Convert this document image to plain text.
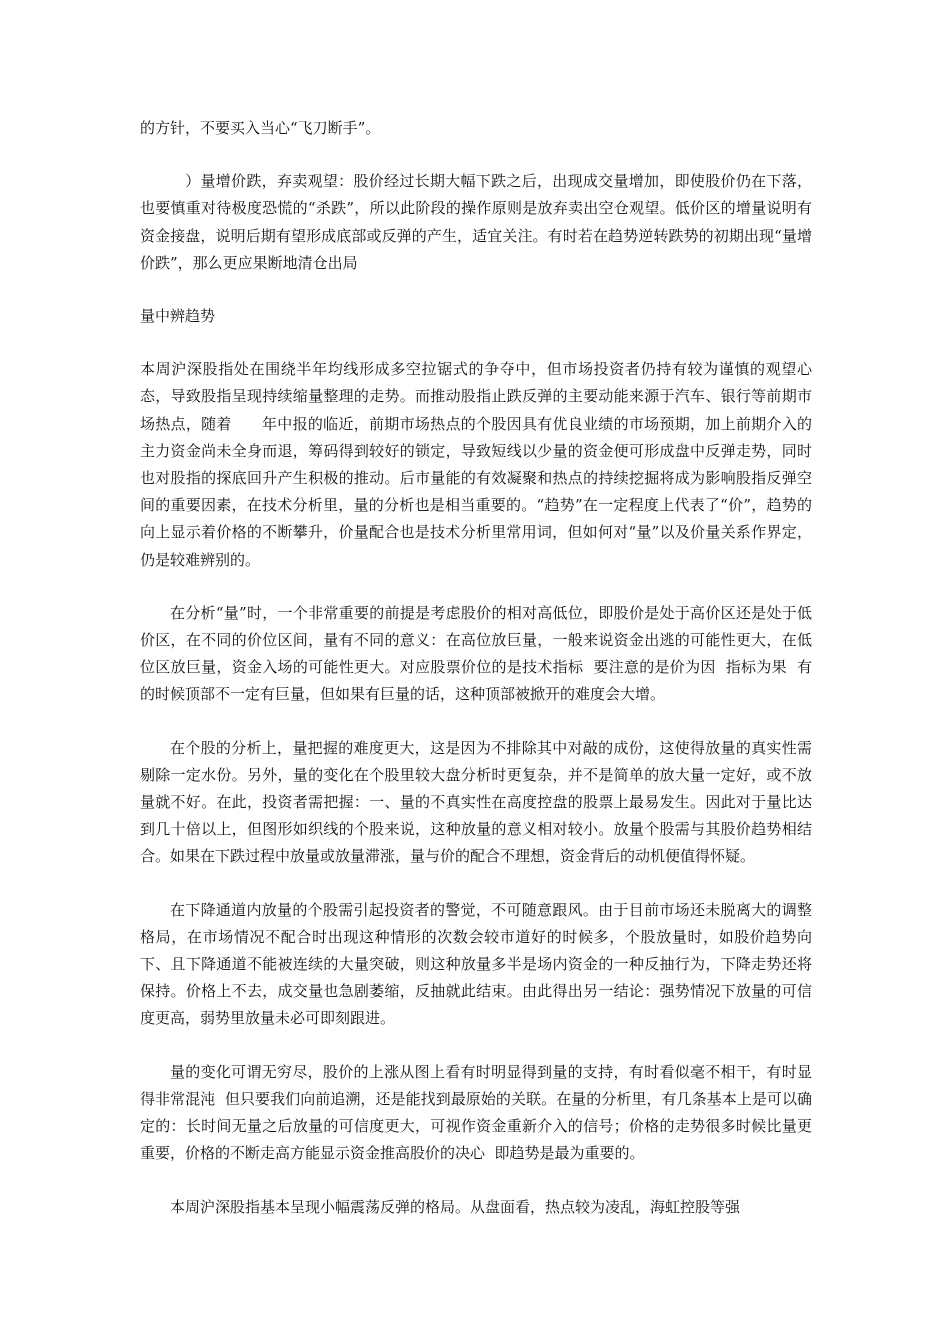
的方针，不要买入当心“飞刀断手”。

）量增价跌，弃卖观望：股价经过长期大幅下跌之后，出现成交量增加，即使股价仍在下落，也要慎重对待极度恐慌的“杀跌”，所以此阶段的操作原则是放弃卖出空仓观望。低价区的增量说明有资金接盘，说明后期有望形成底部或反弹的产生，适宜关注。有时若在趋势逆转跌势的初期出现“量增价跌”，那么更应果断地清仓出局

量中辨趋势

本周沪深股指处在围绕半年均线形成多空拉锯式的争夺中，但市场投资者仍持有较为谨慎的观望心态，导致股指呈现持续缩量整理的走势。而推动股指止跌反弹的主要动能来源于汽车、银行等前期市场热点，随着      年中报的临近，前期市场热点的个股因具有优良业绩的市场预期，加上前期介入的主力资金尚未全身而退，筹码得到较好的锁定，导致短线以少量的资金便可形成盘中反弹走势，同时也对股指的探底回升产生积极的推动。后市量能的有效凝聚和热点的持续挖掘将成为影响股指反弹空间的重要因素，在技术分析里，量的分析也是相当重要的。“趋势”在一定程度上代表了“价”，趋势的向上显示着价格的不断攀升，价量配合也是技术分析里常用词，但如何对“量”以及价量关系作界定，仍是较难辨别的。

在分析“量”时，一个非常重要的前提是考虑股价的相对高低位，即股价是处于高价区还是处于低价区，在不同的价位区间，量有不同的意义：在高位放巨量，一般来说资金出逃的可能性更大，在低位区放巨量，资金入场的可能性更大。对应股票价位的是技术指标  要注意的是价为因  指标为果  有的时候顶部不一定有巨量，但如果有巨量的话，这种顶部被掀开的难度会大增。

在个股的分析上，量把握的难度更大，这是因为不排除其中对敲的成份，这使得放量的真实性需剔除一定水份。另外，量的变化在个股里较大盘分析时更复杂，并不是简单的放大量一定好，或不放量就不好。在此，投资者需把握：一、量的不真实性在高度控盘的股票上最易发生。因此对于量比达到几十倍以上，但图形如织线的个股来说，这种放量的意义相对较小。放量个股需与其股价趋势相结合。如果在下跌过程中放量或放量滞涨，量与价的配合不理想，资金背后的动机便值得怀疑。

在下降通道内放量的个股需引起投资者的警觉，不可随意跟风。由于目前市场还未脱离大的调整格局，在市场情况不配合时出现这种情形的次数会较市道好的时候多，个股放量时，如股价趋势向下、且下降通道不能被连续的大量突破，则这种放量多半是场内资金的一种反抽行为，下降走势还将保持。价格上不去，成交量也急剧萎缩，反抽就此结束。由此得出另一结论：强势情况下放量的可信度更高，弱势里放量未必可即刻跟进。

量的变化可谓无穷尽，股价的上涨从图上看有时明显得到量的支持，有时看似毫不相干，有时显得非常混沌  但只要我们向前追溯，还是能找到最原始的关联。在量的分析里，有几条基本上是可以确定的：长时间无量之后放量的可信度更大，可视作资金重新介入的信号；价格的走势很多时候比量更重要，价格的不断走高方能显示资金推高股价的决心  即趋势是最为重要的。

本周沪深股指基本呈现小幅震荡反弹的格局。从盘面看，热点较为凌乱，海虹控股等强
